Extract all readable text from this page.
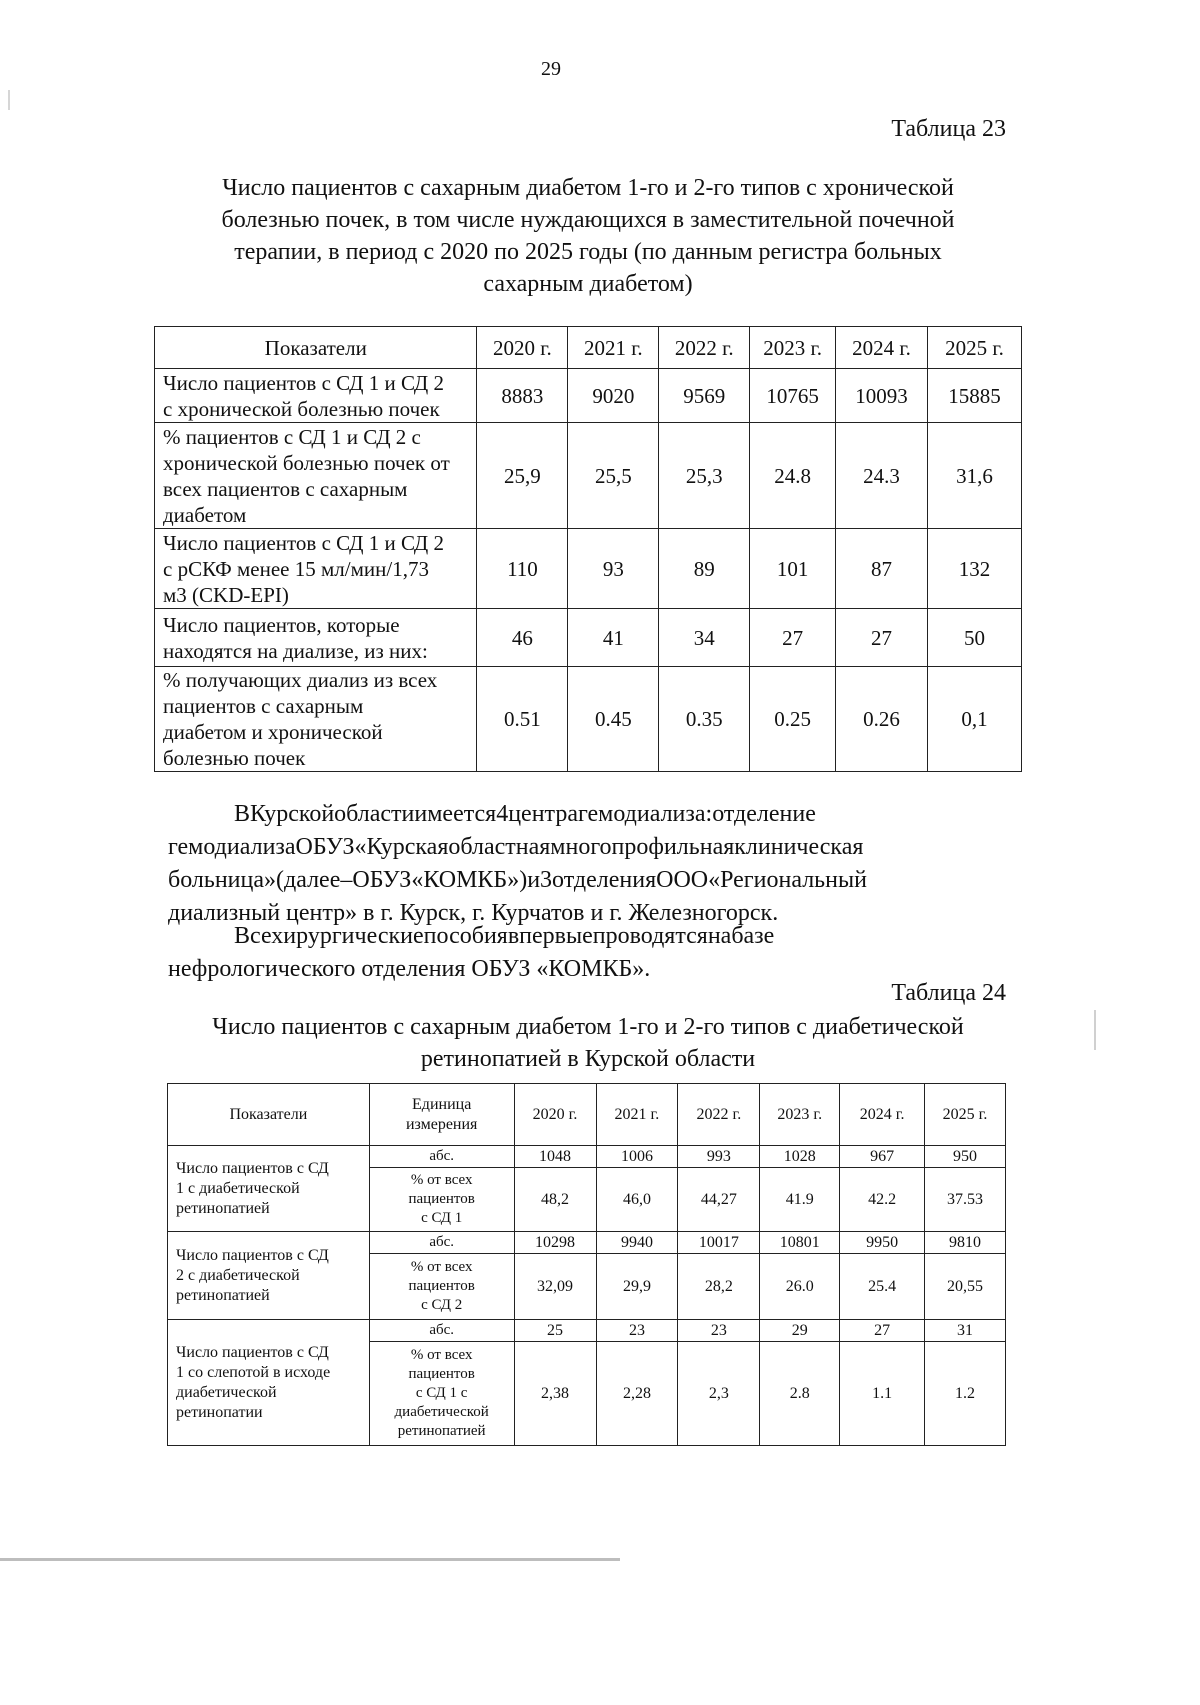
29
Таблица 23
Число пациентов с сахарным диабетом 1-го и 2-го типов с хронической
болезнью почек, в том числе нуждающихся в заместительной почечной
терапии, в период с 2020 по 2025 годы (по данным регистра больных
сахарным диабетом)
Показатели	2020 г.	2021 г.	2022 г.	2023 г.	2024 г.	2025 г.
Число пациентов с СД 1 и СД 2
с хронической болезнью почек	8883	9020	9569	10765	10093	15885
% пациентов с СД 1 и СД 2 с
хронической болезнью почек от
всех пациентов с сахарным
диабетом	25,9	25,5	25,3	24.8	24.3	31,6
Число пациентов с СД 1 и СД 2
с рСКФ менее 15 мл/мин/1,73
м3 (CKD-EPI)	110	93	89	101	87	132
Число пациентов, которые
находятся на диализе, из них:	46	41	34	27	27	50
% получающих диализ из всех
пациентов с сахарным
диабетом и хронической
болезнью почек	0.51	0.45	0.35	0.25	0.26	0,1
ВКурскойобластиимеется4центрагемодиализа:отделение
гемодиализаОБУЗ«Курскаяобластнаямногопрофильнаяклиническая
больница»(далее–ОБУЗ«КОМКБ»)и3отделенияООО«Региональный
диализный центр» в г. Курск, г. Курчатов и г. Железногорск.
Всехирургическиепособиявпервыепроводятсянабазе
нефрологического отделения ОБУЗ «КОМКБ».
Таблица 24
Число пациентов с сахарным диабетом 1-го и 2-го типов с диабетической
ретинопатией в Курской области
Показатели	Единица
измерения	2020 г.	2021 г.	2022 г.	2023 г.	2024 г.	2025 г.
Число пациентов с СД
1 с диабетической
ретинопатией	абс.	1048	1006	993	1028	967	950
	% от всех
пациентов
с СД 1	48,2	46,0	44,27	41.9	42.2	37.53
Число пациентов с СД
2 с диабетической
ретинопатией	абс.	10298	9940	10017	10801	9950	9810
	% от всех
пациентов
с СД 2	32,09	29,9	28,2	26.0	25.4	20,55
Число пациентов с СД
1 со слепотой в исходе
диабетической
ретинопатии	абс.	25	23	23	29	27	31
	% от всех
пациентов
с СД 1 с
диабетической
ретинопатией	2,38	2,28	2,3	2.8	1.1	1.2
